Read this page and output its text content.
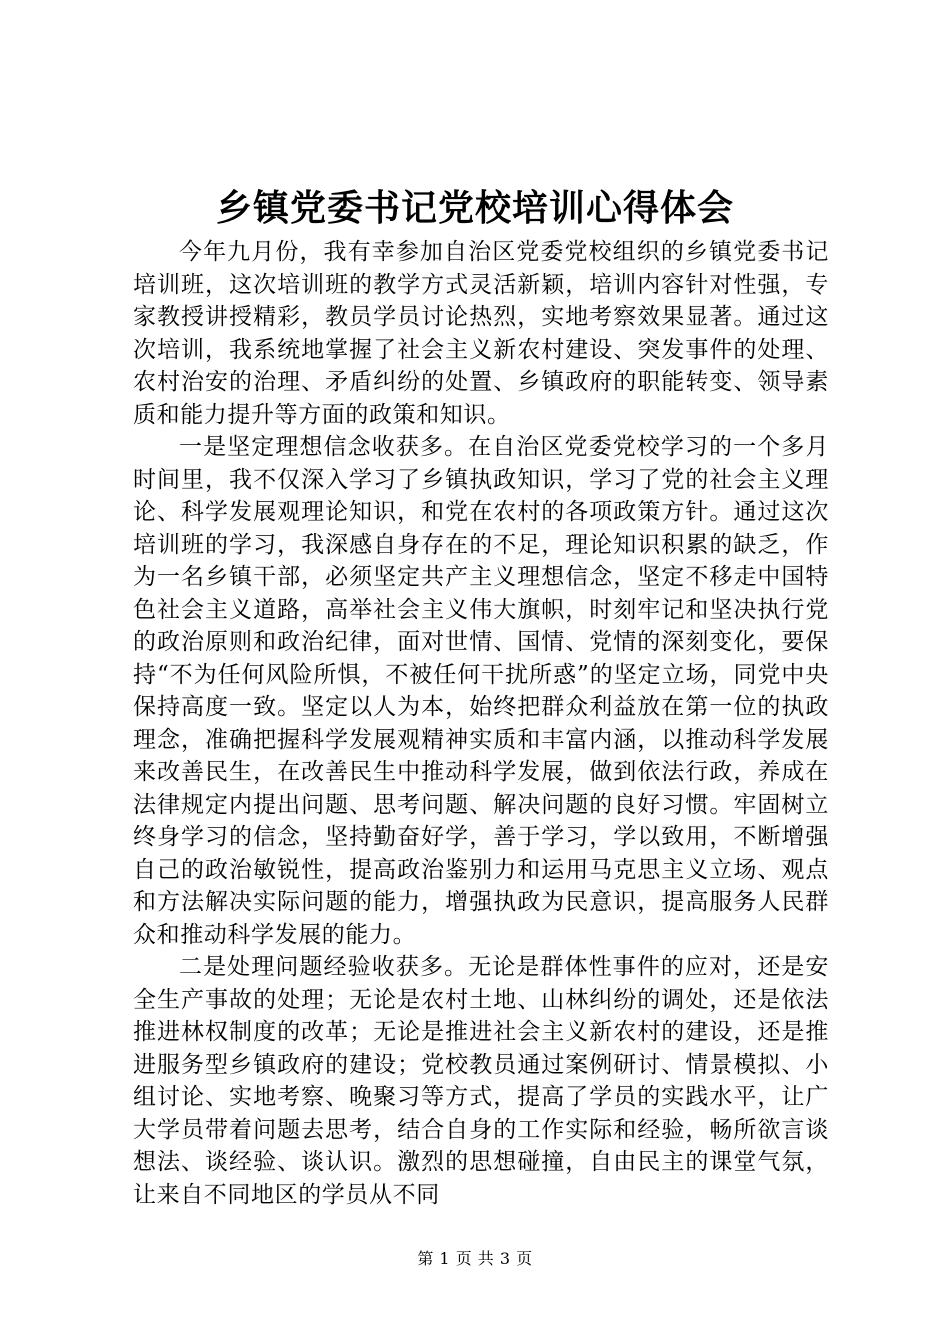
乡镇党委书记党校培训心得体会

今年九月份，我有幸参加自治区党委党校组织的乡镇党委书记培训班，这次培训班的教学方式灵活新颖，培训内容针对性强，专家教授讲授精彩，教员学员讨论热烈，实地考察效果显著。通过这次培训，我系统地掌握了社会主义新农村建设、突发事件的处理、农村治安的治理、矛盾纠纷的处置、乡镇政府的职能转变、领导素质和能力提升等方面的政策和知识。

一是坚定理想信念收获多。在自治区党委党校学习的一个多月时间里，我不仅深入学习了乡镇执政知识，学习了党的社会主义理论、科学发展观理论知识，和党在农村的各项政策方针。通过这次培训班的学习，我深感自身存在的不足，理论知识积累的缺乏，作为一名乡镇干部，必须坚定共产主义理想信念，坚定不移走中国特色社会主义道路，高举社会主义伟大旗帜，时刻牢记和坚决执行党的政治原则和政治纪律，面对世情、国情、党情的深刻变化，要保持“不为任何风险所惧，不被任何干扰所惑”的坚定立场，同党中央保持高度一致。坚定以人为本，始终把群众利益放在第一位的执政理念，准确把握科学发展观精神实质和丰富内涵，以推动科学发展来改善民生，在改善民生中推动科学发展，做到依法行政，养成在法律规定内提出问题、思考问题、解决问题的良好习惯。牢固树立终身学习的信念，坚持勤奋好学，善于学习，学以致用，不断增强自己的政治敏锐性，提高政治鉴别力和运用马克思主义立场、观点和方法解决实际问题的能力，增强执政为民意识，提高服务人民群众和推动科学发展的能力。

二是处理问题经验收获多。无论是群体性事件的应对，还是安全生产事故的处理；无论是农村土地、山林纠纷的调处，还是依法推进林权制度的改革；无论是推进社会主义新农村的建设，还是推进服务型乡镇政府的建设；党校教员通过案例研讨、情景模拟、小组讨论、实地考察、晚聚习等方式，提高了学员的实践水平，让广大学员带着问题去思考，结合自身的工作实际和经验，畅所欲言谈想法、谈经验、谈认识。激烈的思想碰撞，自由民主的课堂气氛，让来自不同地区的学员从不同

第 1 页 共 3 页
